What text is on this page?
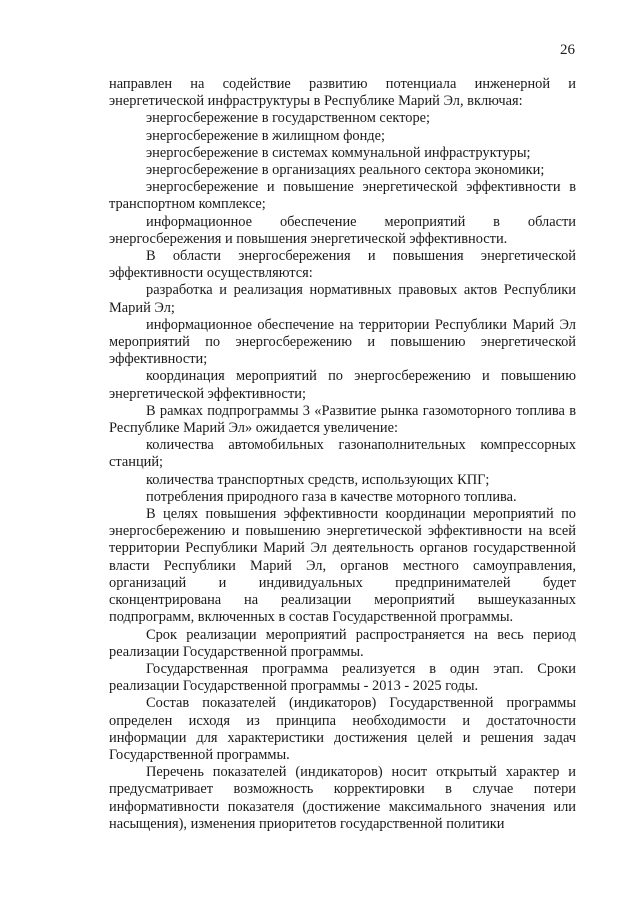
26

направлен на содействие развитию потенциала инженерной и энергетической инфраструктуры в Республике Марий Эл, включая:

энергосбережение в государственном секторе;

энергосбережение в жилищном фонде;

энергосбережение в системах коммунальной инфраструктуры;

энергосбережение в организациях реального сектора экономики;

энергосбережение и повышение энергетической эффективности в транспортном комплексе;

информационное обеспечение мероприятий в области энергосбережения и повышения энергетической эффективности.

В области энергосбережения и повышения энергетической эффективности осуществляются:

разработка и реализация нормативных правовых актов Республики Марий Эл;

информационное обеспечение на территории Республики Марий Эл мероприятий по энергосбережению и повышению энергетической эффективности;

координация мероприятий по энергосбережению и повышению энергетической эффективности;

В рамках подпрограммы 3 «Развитие рынка газомоторного топлива в Республике Марий Эл» ожидается увеличение:

количества автомобильных газонаполнительных компрессорных станций;

количества транспортных средств, использующих КПГ;

потребления природного газа в качестве моторного топлива.

В целях повышения эффективности координации мероприятий по энергосбережению и повышению энергетической эффективности на всей территории Республики Марий Эл деятельность органов государственной власти Республики Марий Эл, органов местного самоуправления, организаций и индивидуальных предпринимателей будет сконцентрирована на реализации мероприятий вышеуказанных подпрограмм, включенных в состав Государственной программы.

Срок реализации мероприятий распространяется на весь период реализации Государственной программы.

Государственная программа реализуется в один этап. Сроки реализации Государственной программы - 2013 - 2025 годы.

Состав показателей (индикаторов) Государственной программы определен исходя из принципа необходимости и достаточности информации для характеристики достижения целей и решения задач Государственной программы.

Перечень показателей (индикаторов) носит открытый характер и предусматривает возможность корректировки в случае потери информативности показателя (достижение максимального значения или насыщения), изменения приоритетов государственной политики
